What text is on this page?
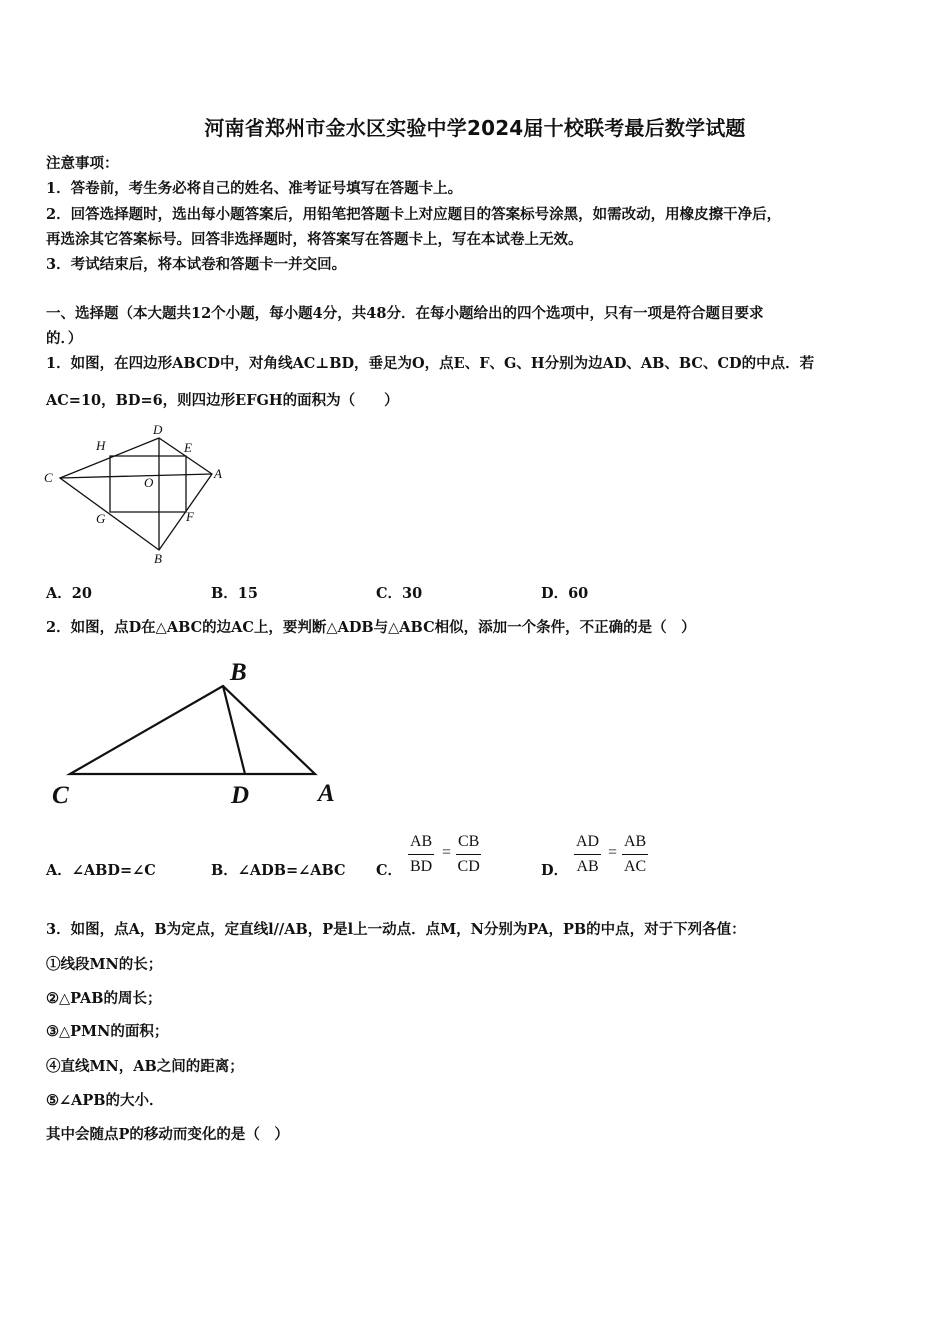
河南省郑州市金水区实验中学2024届十校联考最后数学试题
注意事项：
1．答卷前，考生务必将自己的姓名、准考证号填写在答题卡上。
2．回答选择题时，选出每小题答案后，用铅笔把答题卡上对应题目的答案标号涂黑，如需改动，用橡皮擦干净后，
再选涂其它答案标号。回答非选择题时，将答案写在答题卡上，写在本试卷上无效。
3．考试结束后，将本试卷和答题卡一并交回。
一、选择题（本大题共12个小题，每小题4分，共48分．在每小题给出的四个选项中，只有一项是符合题目要求
的．）
1．如图，在四边形ABCD中，对角线AC⊥BD，垂足为O，点E、F、G、H分别为边AD、AB、BC、CD的中点．若
AC=10，BD=6，则四边形EFGH的面积为（　　）
C
H
D
E
A
O
G	F
B
A．20	B．15	C．30	D．60
2．如图，点D在△ABC的边AC上，要判断△ADB与△ABC相似，添加一个条件，不正确的是（　）
B
C	D	A
A．∠ABD=∠C	B．∠ADB=∠ABC C． $\frac{AB}{BD} = \frac{CB}{CD}$	D． $\frac{AD}{AB} = \frac{AB}{AC}$
3．如图，点A，B为定点，定直线l//AB，P是l上一动点．点M，N分别为PA，PB的中点，对于下列各值：
①线段MN的长；
②△PAB的周长；
③△PMN的面积；
④直线MN，AB之间的距离；
⑤∠APB的大小．
其中会随点P的移动而变化的是（　）
